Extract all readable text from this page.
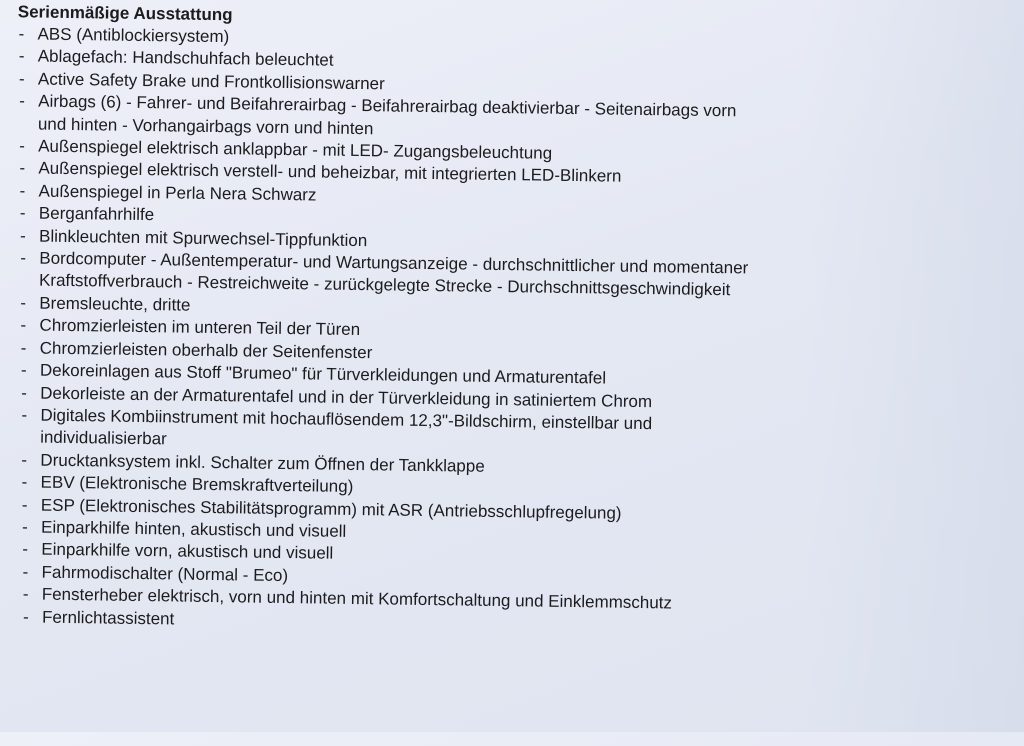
Serienmäßige Ausstattung
- ABS (Antiblockiersystem)
- Ablagefach: Handschuhfach beleuchtet
- Active Safety Brake und Frontkollisionswarner
- Airbags (6) - Fahrer- und Beifahrerairbag - Beifahrerairbag deaktivierbar - Seitenairbags vorn
und hinten - Vorhangairbags vorn und hinten
- Außenspiegel elektrisch anklappbar - mit LED- Zugangsbeleuchtung
- Außenspiegel elektrisch verstell- und beheizbar, mit integrierten LED-Blinkern
- Außenspiegel in Perla Nera Schwarz
- Berganfahrhilfe
- Blinkleuchten mit Spurwechsel-Tippfunktion
- Bordcomputer - Außentemperatur- und Wartungsanzeige - durchschnittlicher und momentaner
Kraftstoffverbrauch - Restreichweite - zurückgelegte Strecke - Durchschnittsgeschwindigkeit
- Bremsleuchte, dritte
- Chromzierleisten im unteren Teil der Türen
- Chromzierleisten oberhalb der Seitenfenster
- Dekoreinlagen aus Stoff "Brumeo" für Türverkleidungen und Armaturentafel
- Dekorleiste an der Armaturentafel und in der Türverkleidung in satiniertem Chrom
- Digitales Kombiinstrument mit hochauflösendem 12,3"-Bildschirm, einstellbar und
individualisierbar
- Drucktanksystem inkl. Schalter zum Öffnen der Tankklappe
- EBV (Elektronische Bremskraftverteilung)
- ESP (Elektronisches Stabilitätsprogramm) mit ASR (Antriebsschlupfregelung)
- Einparkhilfe hinten, akustisch und visuell
- Einparkhilfe vorn, akustisch und visuell
- Fahrmodischalter (Normal - Eco)
- Fensterheber elektrisch, vorn und hinten mit Komfortschaltung und Einklemmschutz
- Fernlichtassistent
